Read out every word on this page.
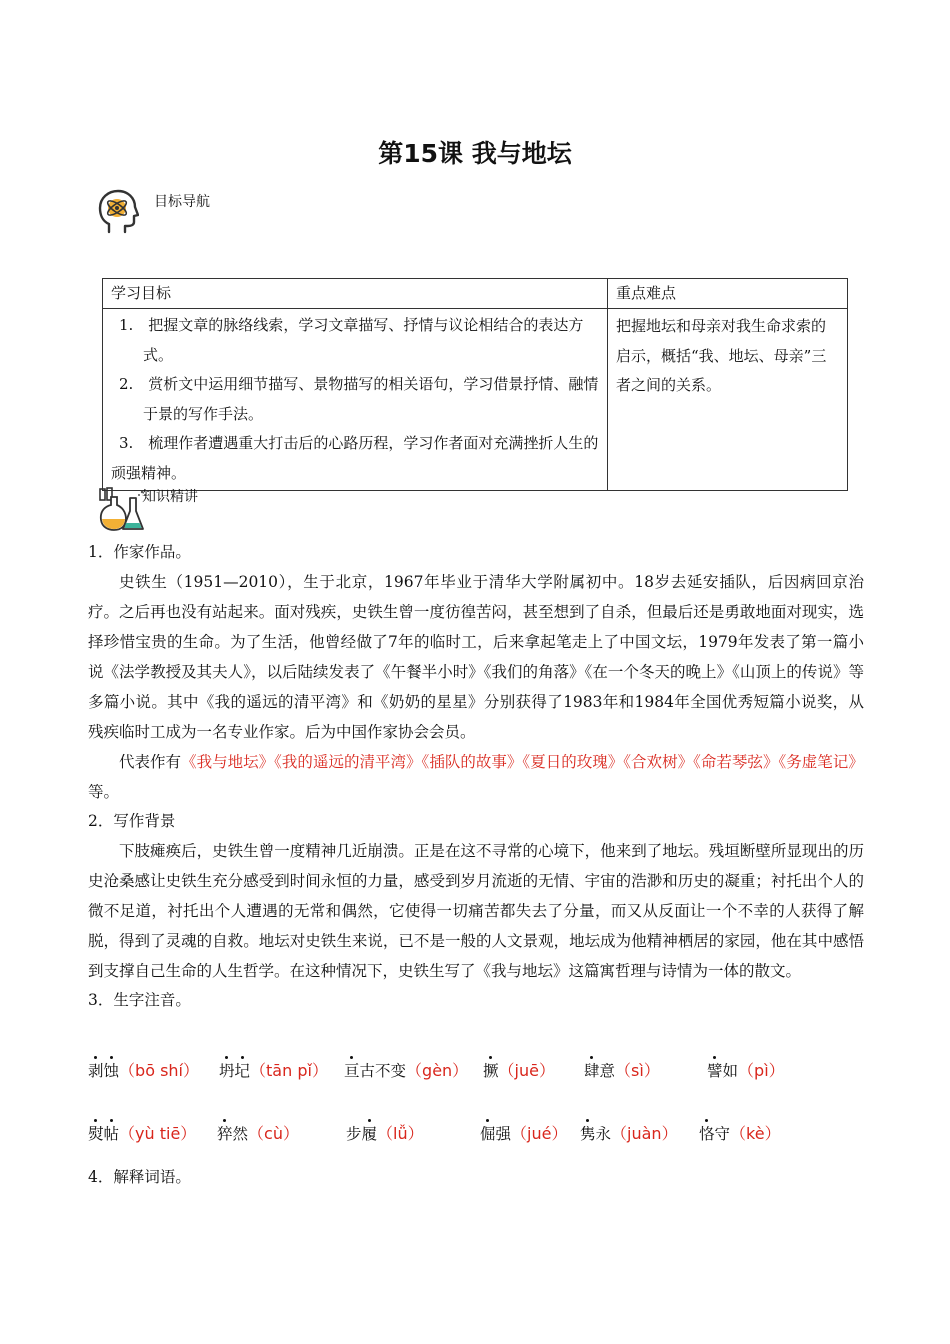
第15课 我与地坛
目标导航
学习目标	重点难点

1.　把握文章的脉络线索，学习文章描写、抒情与议论相结合的表达方式。
2.　赏析文中运用细节描写、景物描写的相关语句，学习借景抒情、融情于景的写作手法。
3.　梳理作者遭遇重大打击后的心路历程，学习作者面对充满挫折人生的顽强精神。	把握地坛和母亲对我生命求索的启示，概括“我、地坛、母亲”三者之间的关系。
知识精讲
1．作家作品。
史铁生（1951—2010），生于北京，1967年毕业于清华大学附属初中。18岁去延安插队，后因病回京治疗。之后再也没有站起来。面对残疾，史铁生曾一度彷徨苦闷，甚至想到了自杀，但最后还是勇敢地面对现实，选择珍惜宝贵的生命。为了生活，他曾经做了7年的临时工，后来拿起笔走上了中国文坛，1979年发表了第一篇小说《法学教授及其夫人》，以后陆续发表了《午餐半小时》《我们的角落》《在一个冬天的晚上》《山顶上的传说》等多篇小说。其中《我的遥远的清平湾》和《奶奶的星星》分别获得了1983年和1984年全国优秀短篇小说奖，从残疾临时工成为一名专业作家。后为中国作家协会会员。
代表作有《我与地坛》《我的遥远的清平湾》《插队的故事》《夏日的玫瑰》《合欢树》《命若琴弦》《务虚笔记》等。
2．写作背景
下肢瘫痪后，史铁生曾一度精神几近崩溃。正是在这不寻常的心境下，他来到了地坛。残垣断壁所显现出的历史沧桑感让史铁生充分感受到时间永恒的力量，感受到岁月流逝的无情、宇宙的浩渺和历史的凝重；衬托出个人的微不足道，衬托出个人遭遇的无常和偶然，它使得一切痛苦都失去了分量，而又从反面让一个不幸的人获得了解脱，得到了灵魂的自救。地坛对史铁生来说，已不是一般的人文景观，地坛成为他精神栖居的家园，他在其中感悟到支撑自己生命的人生哲学。在这种情况下，史铁生写了《我与地坛》这篇寓哲理与诗情为一体的散文。
3．生字注音。
剥蚀（bō shí） 坍圮（tān pǐ） 亘古不变（gèn） 撅（juē） 肆意（sì）	譬如（pì）
熨帖（yù tiē） 猝然（cù）	步履（lǚ）	倔强（jué） 隽永（juàn） 恪守（kè）
4．解释词语。
